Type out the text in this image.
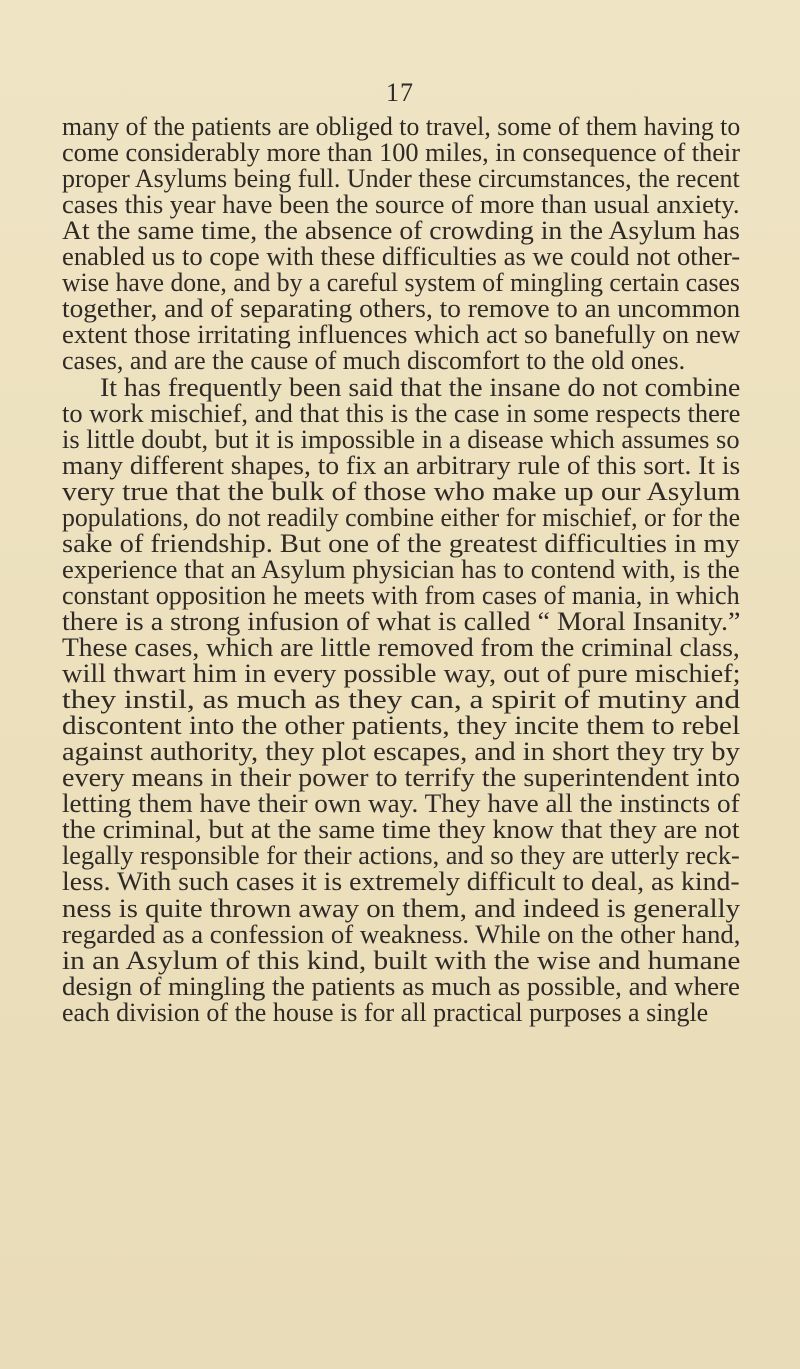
17
many of the patients are obliged to travel, some of them having to
come considerably more than 100 miles, in consequence of their
proper Asylums being full. Under these circumstances, the recent
cases this year have been the source of more than usual anxiety.
At the same time, the absence of crowding in the Asylum has
enabled us to cope with these difficulties as we could not other-
wise have done, and by a careful system of mingling certain cases
together, and of separating others, to remove to an uncommon
extent those irritating influences which act so banefully on new
cases, and are the cause of much discomfort to the old ones.
It has frequently been said that the insane do not combine
to work mischief, and that this is the case in some respects there
is little doubt, but it is impossible in a disease which assumes so
many different shapes, to fix an arbitrary rule of this sort. It is
very true that the bulk of those who make up our Asylum
populations, do not readily combine either for mischief, or for the
sake of friendship. But one of the greatest difficulties in my
experience that an Asylum physician has to contend with, is the
constant opposition he meets with from cases of mania, in which
there is a strong infusion of what is called “ Moral Insanity.”
These cases, which are little removed from the criminal class,
will thwart him in every possible way, out of pure mischief;
they instil, as much as they can, a spirit of mutiny and
discontent into the other patients, they incite them to rebel
against authority, they plot escapes, and in short they try by
every means in their power to terrify the superintendent into
letting them have their own way. They have all the instincts of
the criminal, but at the same time they know that they are not
legally responsible for their actions, and so they are utterly reck-
less. With such cases it is extremely difficult to deal, as kind-
ness is quite thrown away on them, and indeed is generally
regarded as a confession of weakness. While on the other hand,
in an Asylum of this kind, built with the wise and humane
design of mingling the patients as much as possible, and where
each division of the house is for all practical purposes a single
